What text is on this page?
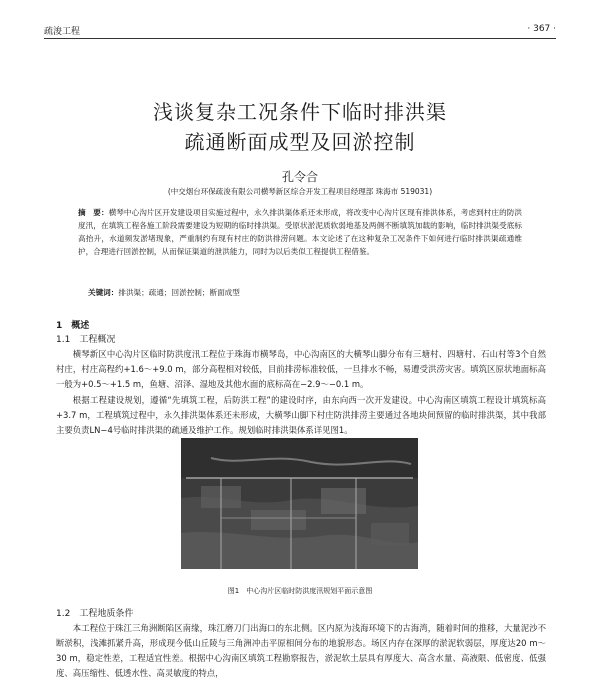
疏浚工程	· 367 ·
浅谈复杂工况条件下临时排洪渠
疏通断面成型及回淤控制
孔令合
(中交烟台环保疏浚有限公司横琴新区综合开发工程项目经理部 珠海市 519031)
摘　要：横琴中心沟片区开发建设项目实施过程中，永久排洪渠体系还未形成，将改变中心沟片区现有排洪体系，考虑到村庄的防洪度汛，在填筑工程各施工阶段需要建设为短期的临时排洪渠。受原状淤泥质软弱地基及两侧不断填筑加载的影响，临时排洪渠受底标高抬升，水道频发淤堵现象，严重制约有现有村庄的防洪排涝问题。本文论述了在这种复杂工况条件下如何进行临时排洪渠疏通维护，合理进行回淤控制，从而保证渠道的泄洪能力，同时为以后类似工程提供工程借鉴。
关键词：排洪渠；疏通；回淤控制；断面成型
1　概述
1.1　工程概况
横琴新区中心沟片区临时防洪度汛工程位于珠海市横琴岛，中心沟南区的大横琴山脚分布有三塘村、四塘村、石山村等3个自然村庄，村庄高程约+1.6～+9.0 m，部分高程相对较低，目前排涝标准较低，一旦排水不畅，易遭受洪涝灾害。填筑区原状地面标高一般为+0.5～+1.5 m，鱼塘、沼泽、湿地及其他水面的底标高在−2.9～−0.1 m。
根据工程建设规划，遵循“先填筑工程，后防洪工程”的建设时序，由东向西一次开发建设。中心沟南区填筑工程设计填筑标高+3.7 m，工程填筑过程中，永久排洪渠体系还未形成，大横琴山脚下村庄防洪排涝主要通过各地块间预留的临时排洪渠，其中我部主要负责LN−4号临时排洪渠的疏通及维护工作。规划临时排洪渠体系详见图1。
图1　中心沟片区临时防洪度汛规划平面示意图
1.2　工程地质条件
本工程位于珠江三角洲断陷区南缘，珠江磨刀门出海口的东北侧。区内原为浅海环境下的古海湾，随着时间的推移，大量泥沙不断淤积，浅滩抓紧升高，形成现今低山丘陵与三角洲冲击平原相间分布的地貌形态。场区内存在深厚的淤泥软弱层，厚度达20 m～30 m，稳定性差，工程适宜性差。根据中心沟南区填筑工程勘察报告，淤泥软土层具有厚度大、高含水量、高液限、低密度、低强度、高压缩性、低透水性、高灵敏度的特点，
